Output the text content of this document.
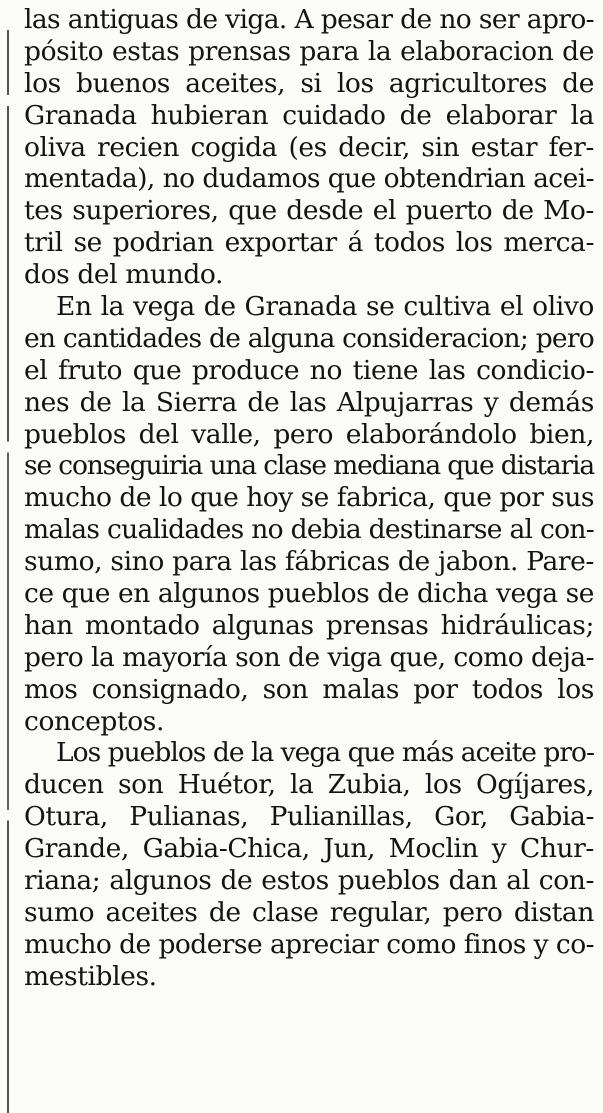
las antiguas de viga. A pesar de no ser apro-
pósito estas prensas para la elaboracion de
los buenos aceites, si los agricultores de
Granada hubieran cuidado de elaborar la
oliva recien cogida (es decir, sin estar fer-
mentada), no dudamos que obtendrian acei-
tes superiores, que desde el puerto de Mo-
tril se podrian exportar á todos los merca-
dos del mundo.
En la vega de Granada se cultiva el olivo
en cantidades de alguna consideracion; pero
el fruto que produce no tiene las condicio-
nes de la Sierra de las Alpujarras y demás
pueblos del valle, pero elaborándolo bien,
se conseguiria una clase mediana que distaria
mucho de lo que hoy se fabrica, que por sus
malas cualidades no debia destinarse al con-
sumo, sino para las fábricas de jabon. Pare-
ce que en algunos pueblos de dicha vega se
han montado algunas prensas hidráulicas;
pero la mayoría son de viga que, como deja-
mos consignado, son malas por todos los
conceptos.
Los pueblos de la vega que más aceite pro-
ducen son Huétor, la Zubia, los Ogíjares,
Otura, Pulianas, Pulianillas, Gor, Gabia-
Grande, Gabia-Chica, Jun, Moclin y Chur-
riana; algunos de estos pueblos dan al con-
sumo aceites de clase regular, pero distan
mucho de poderse apreciar como finos y co-
mestibles.
